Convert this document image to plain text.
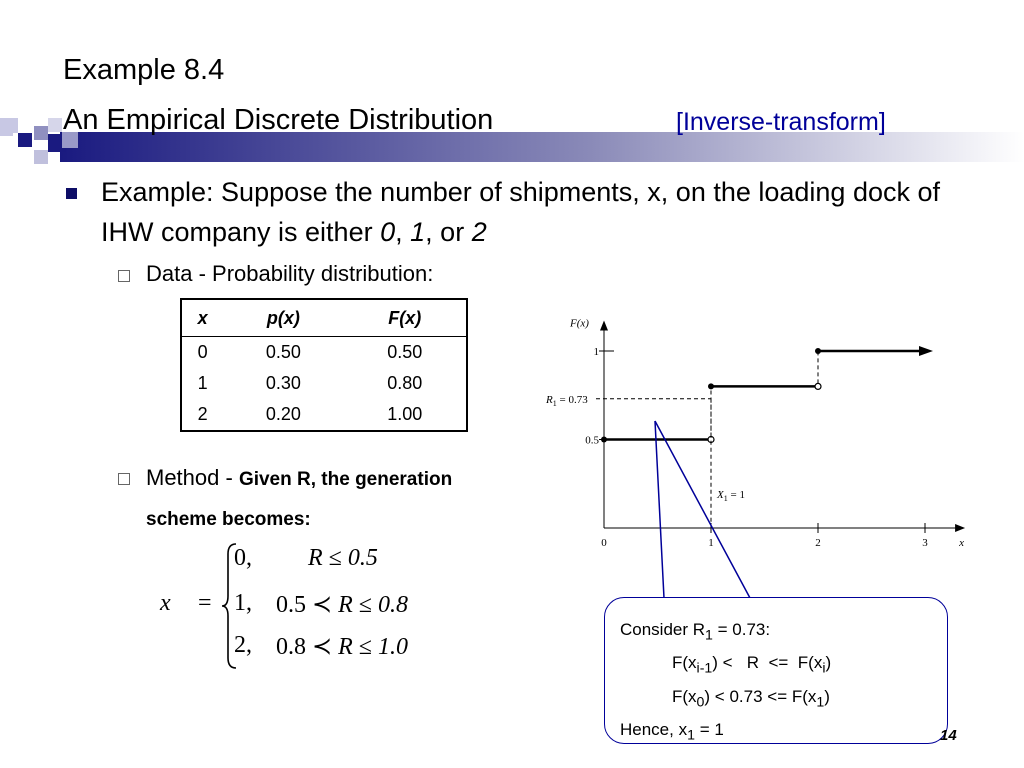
Example 8.4
An Empirical Discrete Distribution	[Inverse-transform]
Example: Suppose the number of shipments, x, on the loading dock of IHW company is either 0, 1, or 2
Data - Probability distribution:
x	p(x)	F(x)
0	0.50	0.50
1	0.30	0.80
2	0.20	1.00
Method - Given R, the generation
scheme becomes:
x =
0, R ≤ 0.5
1, 0.5 ≺ R ≤ 0.8
2, 0.8 ≺ R ≤ 1.0
0	1	2	3
0.5
1
x
F(x)
$R_1 = 0.73$
$X_1 = 1$
Consider $R_1 = 0.73$:
$F(x_{i-1}) < R <= F(x_i)$
$F(x_0) < 0.73 <= F(x_1)$
Hence, $x_1 = 1$	14
